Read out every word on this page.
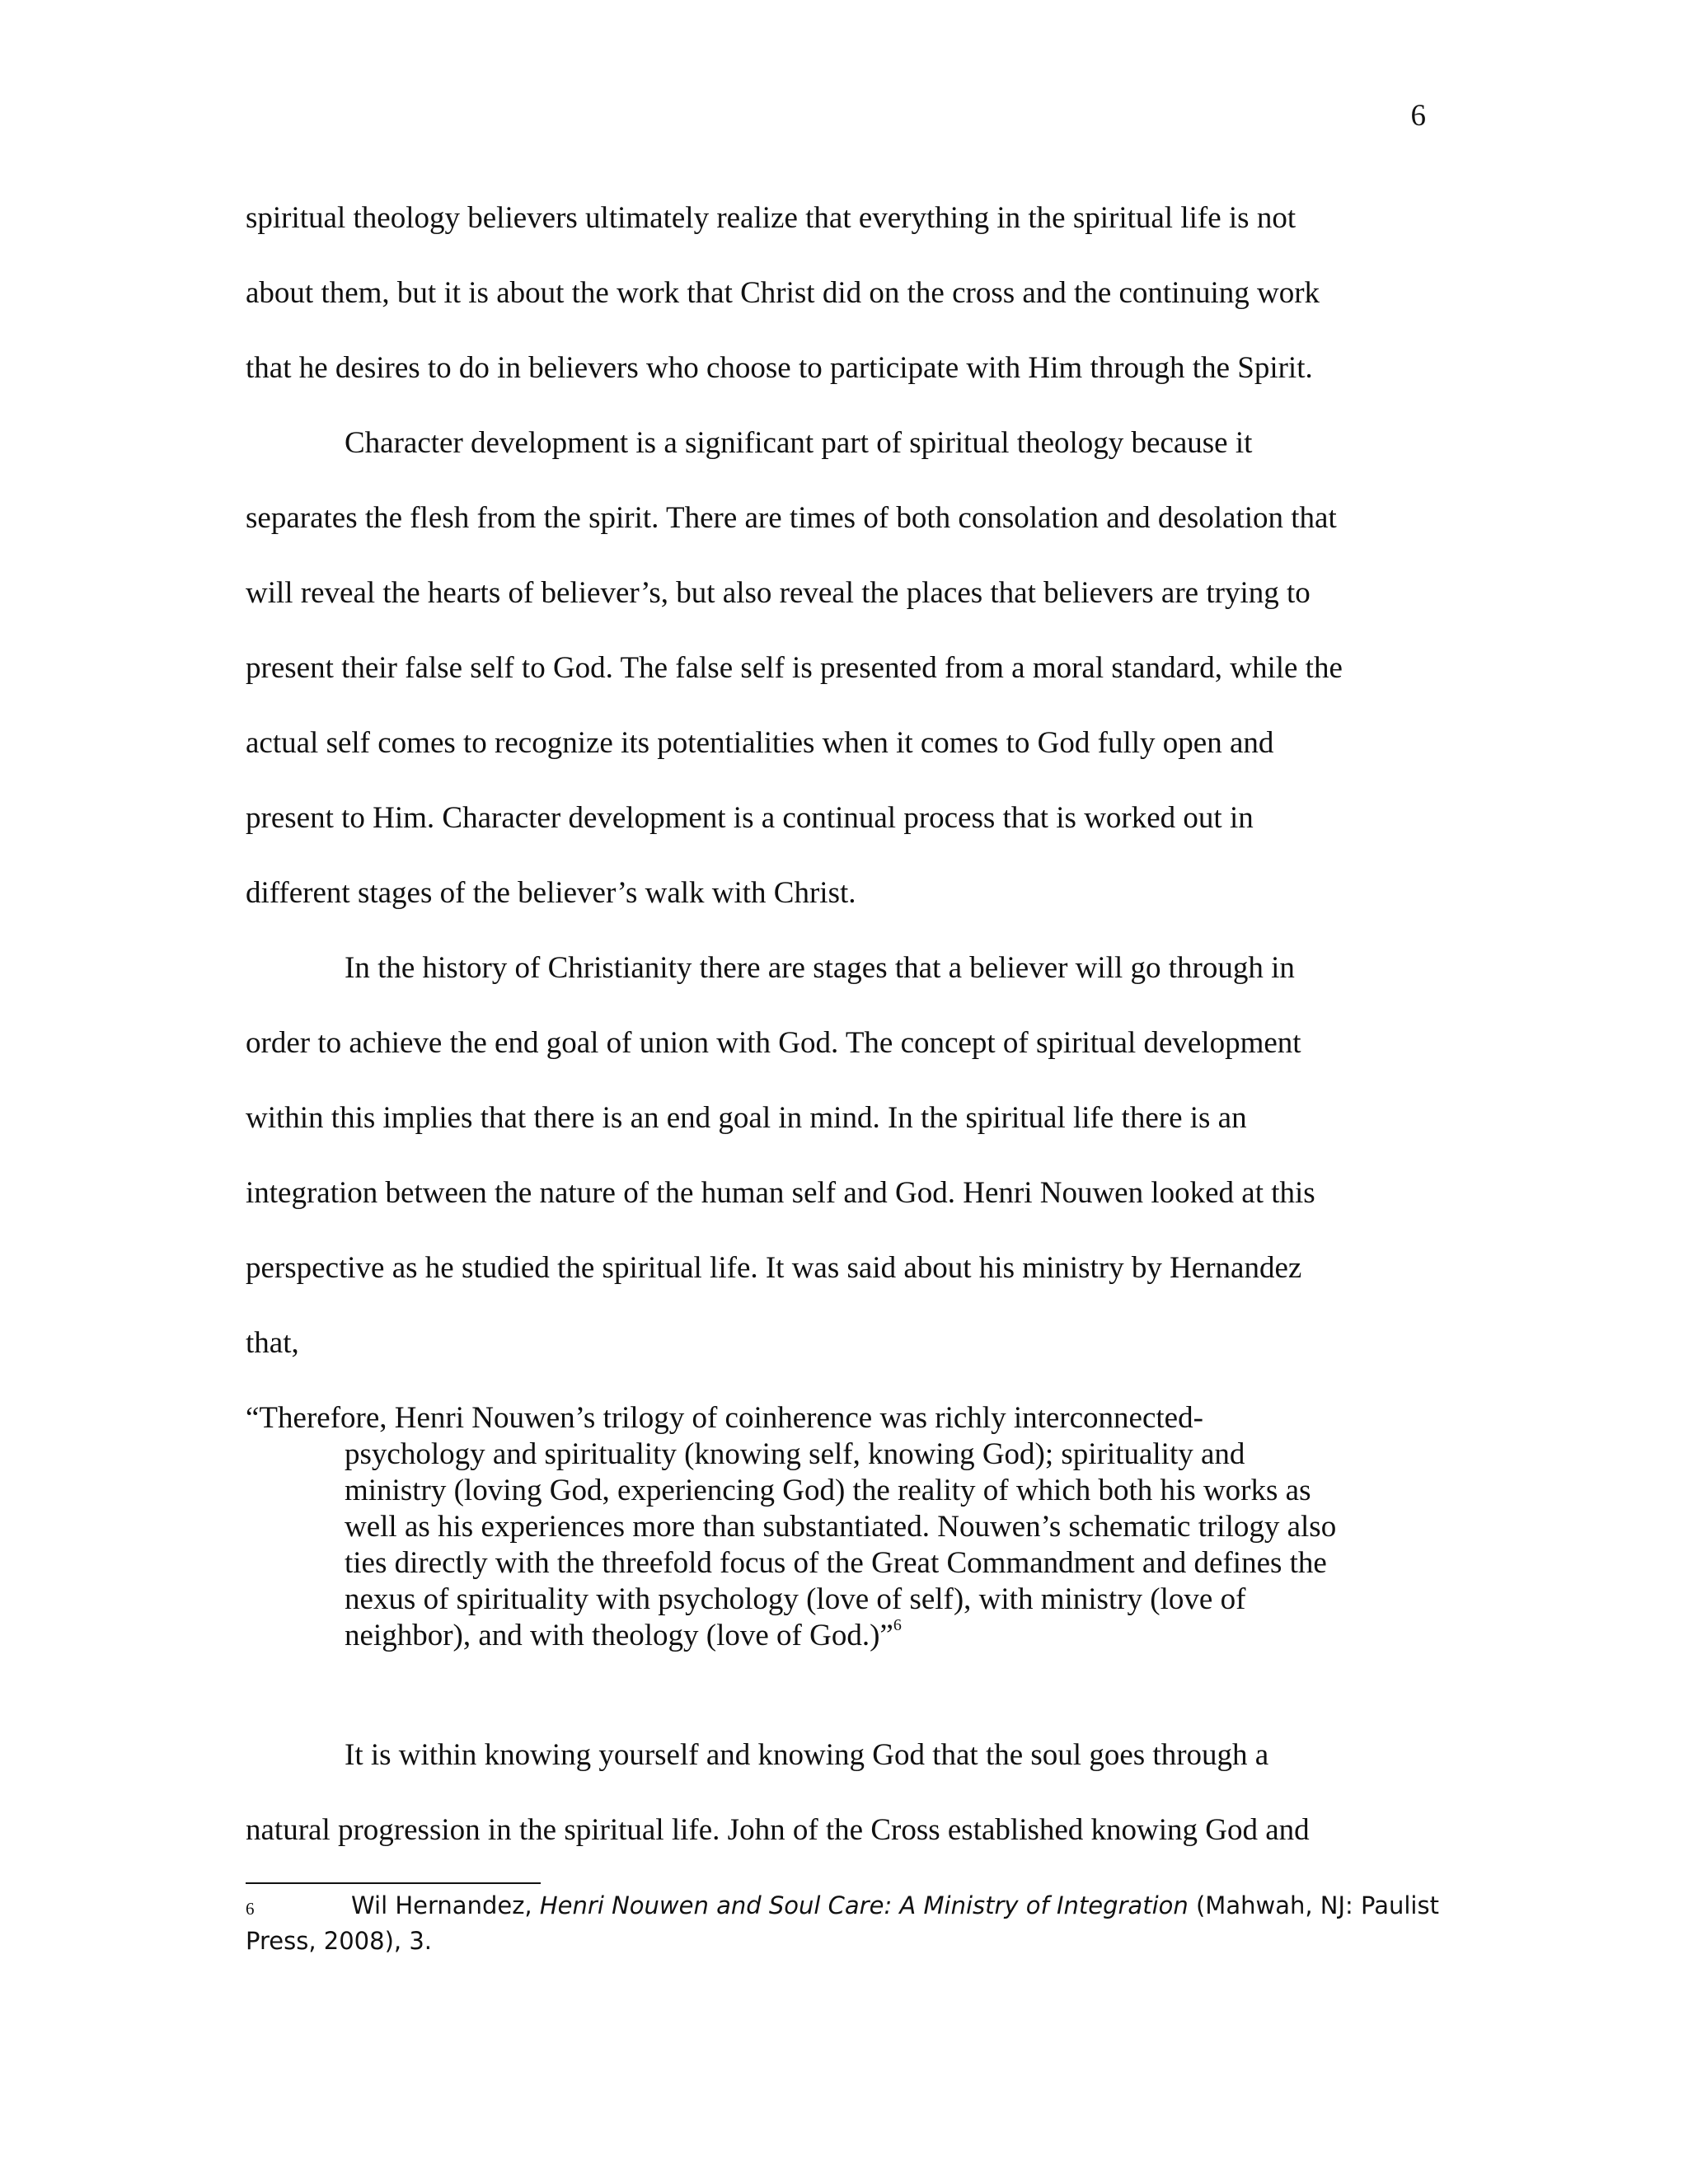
6
spiritual theology believers ultimately realize that everything in the spiritual life is not
about them, but it is about the work that Christ did on the cross and the continuing work
that he desires to do in believers who choose to participate with Him through the Spirit.
Character development is a significant part of spiritual theology because it
separates the flesh from the spirit. There are times of both consolation and desolation that
will reveal the hearts of believer’s, but also reveal the places that believers are trying to
present their false self to God. The false self is presented from a moral standard, while the
actual self comes to recognize its potentialities when it comes to God fully open and
present to Him. Character development is a continual process that is worked out in
different stages of the believer’s walk with Christ.
In the history of Christianity there are stages that a believer will go through in
order to achieve the end goal of union with God. The concept of spiritual development
within this implies that there is an end goal in mind. In the spiritual life there is an
integration between the nature of the human self and God. Henri Nouwen looked at this
perspective as he studied the spiritual life. It was said about his ministry by Hernandez
that,
“Therefore, Henri Nouwen’s trilogy of coinherence was richly interconnected-
psychology and spirituality (knowing self, knowing God); spirituality and
ministry (loving God, experiencing God) the reality of which both his works as
well as his experiences more than substantiated. Nouwen’s schematic trilogy also
ties directly with the threefold focus of the Great Commandment and defines the
nexus of spirituality with psychology (love of self), with ministry (love of
neighbor), and with theology (love of God.)”$^6$
It is within knowing yourself and knowing God that the soul goes through a
natural progression in the spiritual life. John of the Cross established knowing God and
6	Wil Hernandez, Henri Nouwen and Soul Care: A Ministry of Integration (Mahwah, NJ: Paulist
Press, 2008), 3.
